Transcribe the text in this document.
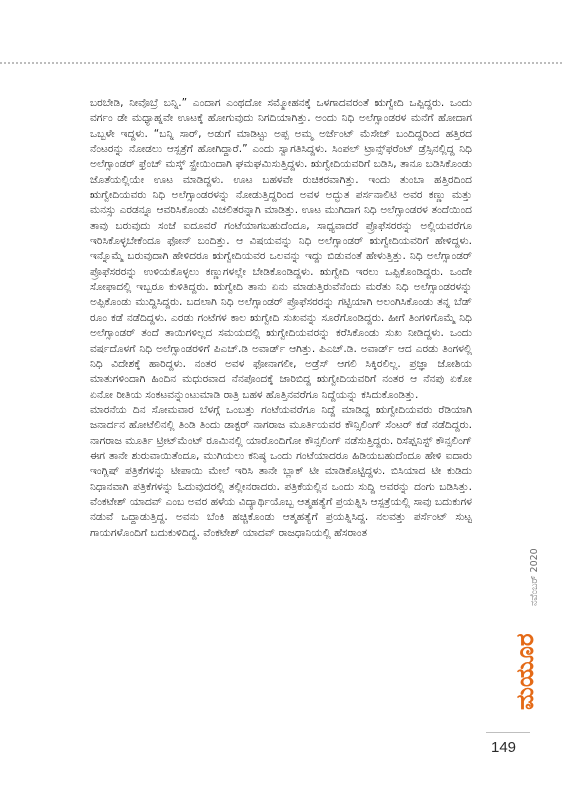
ಬರಬೇಡಿ, ನೀವೊಬ್ರೆ ಬನ್ನಿ.” ಎಂದಾಗ ಎಂಥದೋ ಸಮ್ಮೋಹನಕ್ಕೆ ಒಳಗಾದವರಂತೆ ಋಗ್ವೇದಿ ಒಪ್ಪಿದ್ದರು. ಒಂದು ವರ್ಗಂ ಡೇ ಮಧ್ಯಾಹ್ನವೇ ಊಟಕ್ಕೆ ಹೋಗುವುದು ನಿಗದಿಯಾಗಿತ್ತು. ಅಂದು ನಿಧಿ ಅಲೆಗ್ಸಾಂಡರಳ ಮನೆಗೆ ಹೋದಾಗ ಒಬ್ಬಳೇ ಇದ್ದಳು. “ಬನ್ನಿ ಸಾರ್, ಅಡುಗೆ ಮಾಡಿಟ್ಟು ಅಪ್ಪ ಅಮ್ಮ ಅರ್ಜೆಂಟ್ ಮೆಸೇಜ್ ಬಂದಿದ್ದರಿಂದ ಹತ್ತಿರದ ನೆಂಟರನ್ನು ನೋಡಲು ಆಸ್ಪತ್ರೆಗೆ ಹೋಗಿದ್ದಾರೆ.” ಎಂದು ಸ್ವಾಗತಿಸಿದ್ದಳು. ಸಿಂಪಲ್ ಟ್ರಾನ್ಸ್‌ಫರೆಂಟ್ ಡ್ರೆಸ್ಸಿನಲ್ಲಿದ್ದ ನಿಧಿ ಅಲೆಗ್ಸಾಂಡರ್ ಫ್ರೆಂಚ್ ಮಸ್ಕ್ ಸ್ಪ್ರೇಯಿಂದಾಗಿ ಘಮಘಮಿಸುತ್ತಿದ್ದಳು. ಋಗ್ವೇದಿಯವರಿಗೆ ಬಡಿಸಿ, ತಾನೂ ಬಡಿಸಿಕೊಂಡು ಜೊತೆಯಲ್ಲಿಯೇ ಊಟ ಮಾಡಿದ್ದಳು. ಊಟ ಬಹಳವೇ ರುಚಿಕರವಾಗಿತ್ತು. ಇಂದು ತುಂಬಾ ಹತ್ತಿರದಿಂದ ಋಗ್ವೇದಿಯವರು ನಿಧಿ ಅಲೆಗ್ಸಾಂಡರಳನ್ನು ನೋಡುತ್ತಿದ್ದರಿಂದ ಅವಳ ಅದ್ಭುತ ಪರ್ಸನಾಲಿಟಿ ಅವರ ಕಣ್ಣು ಮತ್ತು ಮನಸ್ಸು ಎರಡನ್ನೂ ಆವರಿಸಿಕೊಂಡು ವಿಚಲಿತರನ್ನಾಗಿ ಮಾಡಿತ್ತು. ಊಟ ಮುಗಿದಾಗ ನಿಧಿ ಅಲೆಗ್ಸಾಂಡರಳ ತಂದೆಯಿಂದ ತಾವು ಬರುವುದು ಸಂಜೆ ಐದೂವರೆ ಗಂಟೆಯಾಗಬಹುದೆಂದೂ, ಸಾಧ್ಯವಾದರೆ ಪ್ರೊಫೆಸರರನ್ನು ಅಲ್ಲಿಯವರೆಗೂ ಇರಿಸಿಕೊಳ್ಳಬೇಕೆಂದೂ ಫೋನ್ ಬಂದಿತ್ತು. ಆ ವಿಷಯವನ್ನು ನಿಧಿ ಅಲೆಗ್ಸಾಂಡರ್ ಋಗ್ವೇದಿಯವರಿಗೆ ಹೇಳಿದ್ದಳು. ಇನ್ನೊಮ್ಮೆ ಬರುವುದಾಗಿ ಹೇಳಿದರೂ ಋಗ್ವೇದಿಯವರ ಒಲವನ್ನು ಇದ್ದು ಬಿಡುವಂತೆ ಹೇಳುತ್ತಿತ್ತು. ನಿಧಿ ಅಲೆಗ್ಸಾಂಡರ್ ಪ್ರೊಫೆಸರರನ್ನು ಉಳಿಯಕೊಳ್ಳಲು ಕಣ್ಣುಗಳಲ್ಲೇ ಬೇಡಿಕೊಂಡಿದ್ದಳು. ಋಗ್ವೇದಿ ಇರಲು ಒಪ್ಪಿಕೊಂಡಿದ್ದರು. ಒಂದೇ ಸೋಫಾದಲ್ಲಿ ಇಬ್ಬರೂ ಕುಳಿತಿದ್ದರು. ಋಗ್ವೇದಿ ತಾನು ಏನು ಮಾಡುತ್ತಿರುವೆನೆಂದು ಮರೆತು ನಿಧಿ ಅಲೆಗ್ಸಾಂಡರಳನ್ನು ಅಪ್ಪಿಕೊಂಡು ಮುದ್ದಿಸಿದ್ದರು. ಬದಲಾಗಿ ನಿಧಿ ಅಲೆಗ್ಸಾಂಡರ್ ಪ್ರೊಫೆಸರರನ್ನು ಗಟ್ಟಿಯಾಗಿ ಅಲಂಗಿಸಿಕೊಂಡು ತನ್ನ ಬೆಡ್ ರೂಂ ಕಡೆ ನಡೆದಿದ್ದಳು. ಎರಡು ಗಂಟೆಗಳ ಕಾಲ ಋಗ್ವೇದಿ ಸುಖವನ್ನು ಸೂರೆಗೊಂಡಿದ್ದರು. ಹೀಗೆ ತಿಂಗಳಿಗೊಮ್ಮೆ ನಿಧಿ ಅಲೆಗ್ಸಾಂಡರ್ ತಂದೆ ತಾಯಿಗಳಿಲ್ಲದ ಸಮಯದಲ್ಲಿ ಋಗ್ವೇದಿಯವರನ್ನು ಕರೆಸಿಕೊಂಡು ಸುಖ ನೀಡಿದ್ದಳು. ಒಂದು ವರ್ಷದೊಳಗೆ ನಿಧಿ ಅಲೆಗ್ಸಾಂಡರಳಿಗೆ ಪಿಎಚ್.ಡಿ ಅವಾರ್ಡ್ ಆಗಿತ್ತು. ಪಿಎಚ್.ಡಿ. ಅವಾರ್ಡ್ ಆದ ಎರಡು ತಿಂಗಳಲ್ಲಿ ನಿಧಿ ವಿದೇಶಕ್ಕೆ ಹಾರಿದ್ದಳು. ನಂತರ ಅವಳ ಫೋನಾಗಲೀ, ಅಡ್ರೆಸ್ ಆಗಲಿ ಸಿಕ್ಕಿರಲಿಲ್ಲ. ಪ್ರಜ್ಞಾ ಜೋಶಿಯ ಮಾತುಗಳಿಂದಾಗಿ ಹಿಂದಿನ ಮಧುರವಾದ ನೆನಪೊಂದಕ್ಕೆ ಜಾರಿಬಿದ್ದ ಋಗ್ವೇದಿಯವರಿಗೆ ನಂತರ ಆ ನೆನಪು ಏಕೋ ಏನೋ ರೀತಿಯ ಸಂಕಟವನ್ನುಂಟುಮಾಡಿ ರಾತ್ರಿ ಬಹಳ ಹೊತ್ತಿನವರೆಗೂ ನಿದ್ದೆಯನ್ನು ಕಸಿದುಕೊಂಡಿತ್ತು.

ಮಾರನೆಯ ದಿನ ಸೋಮವಾರ ಬೆಳಗ್ಗೆ ಒಂಬತ್ತು ಗಂಟೆಯವರೆಗೂ ನಿದ್ದೆ ಮಾಡಿದ್ದ ಋಗ್ವೇದಿಯವರು ರೆಡಿಯಾಗಿ ಜನಾರ್ದನ ಹೋಟೆಲಿನಲ್ಲಿ ತಿಂಡಿ ತಿಂದು ಡಾಕ್ಟರ್ ನಾಗರಾಜ ಮೂರ್ತಿಯವರ ಕೌನ್ಸಿಲಿಂಗ್ ಸೆಂಟರ್ ಕಡೆ ನಡೆದಿದ್ದರು. ನಾಗರಾಜ ಮೂರ್ತಿ ಟ್ರೀಟ್‌ಮೆಂಟ್ ರೂಮಿನಲ್ಲಿ ಯಾರೊಂದಿಗೋ ಕೌನ್ಸಲಿಂಗ್ ನಡೆಸುತ್ತಿದ್ದರು. ರಿಸೆಪ್ಷನಿಸ್ಟ್ ಕೌನ್ಸಲಿಂಗ್ ಈಗ ತಾನೇ ಶುರುವಾಯಿತೆಂದೂ, ಮುಗಿಯಲು ಕನಿಷ್ಠ ಒಂದು ಗಂಟೆಯಾದರೂ ಹಿಡಿಯಬಹುದೆಂದೂ ಹೇಳಿ ಐದಾರು ಇಂಗ್ಲಿಷ್ ಪತ್ರಿಕೆಗಳನ್ನು ಟೀಪಾಯಿ ಮೇಲೆ ಇರಿಸಿ ತಾನೇ ಬ್ಲಾಕ್ ಟೀ ಮಾಡಿಕೊಟ್ಟಿದ್ದಳು. ಬಿಸಿಯಾದ ಟೀ ಕುಡಿದು ನಿಧಾನವಾಗಿ ಪತ್ರಿಕೆಗಳನ್ನು ಓದುವುದರಲ್ಲಿ ತಲ್ಲೀನರಾದರು. ಪತ್ರಿಕೆಯಲ್ಲಿನ ಒಂದು ಸುದ್ದಿ ಅವರನ್ನು ದಂಗು ಬಡಿಸಿತ್ತು. ವೆಂಕಟೇಶ್ ಯಾದವ್ ಎಂಬ ಅವರ ಹಳೆಯ ವಿದ್ಯಾರ್ಥಿಯೊಬ್ಬ ಆತ್ಮಹತ್ಯೆಗೆ ಪ್ರಯತ್ನಿಸಿ ಆಸ್ಪತ್ರೆಯಲ್ಲಿ ಸಾವು ಬದುಕುಗಳ ನಡುವೆ ಒದ್ದಾಡುತ್ತಿದ್ದ. ಅವನು ಬೆಂಕಿ ಹಚ್ಚಿಕೊಂಡು ಆತ್ಮಹತ್ಯೆಗೆ ಪ್ರಯತ್ನಿಸಿದ್ದ. ನಲವತ್ತು ಪರ್ಸೆಂಟ್ ಸುಟ್ಟ ಗಾಯಗಳೊಂದಿಗೆ ಬದುಕುಳಿದಿದ್ದ. ವೆಂಕಟೇಶ್ ಯಾದವ್ ರಾಜಧಾನಿಯಲ್ಲಿ ಹೆಸರಾಂತ

ನವೆಂಬರ್ 2020
ಮಯೂರ
149
